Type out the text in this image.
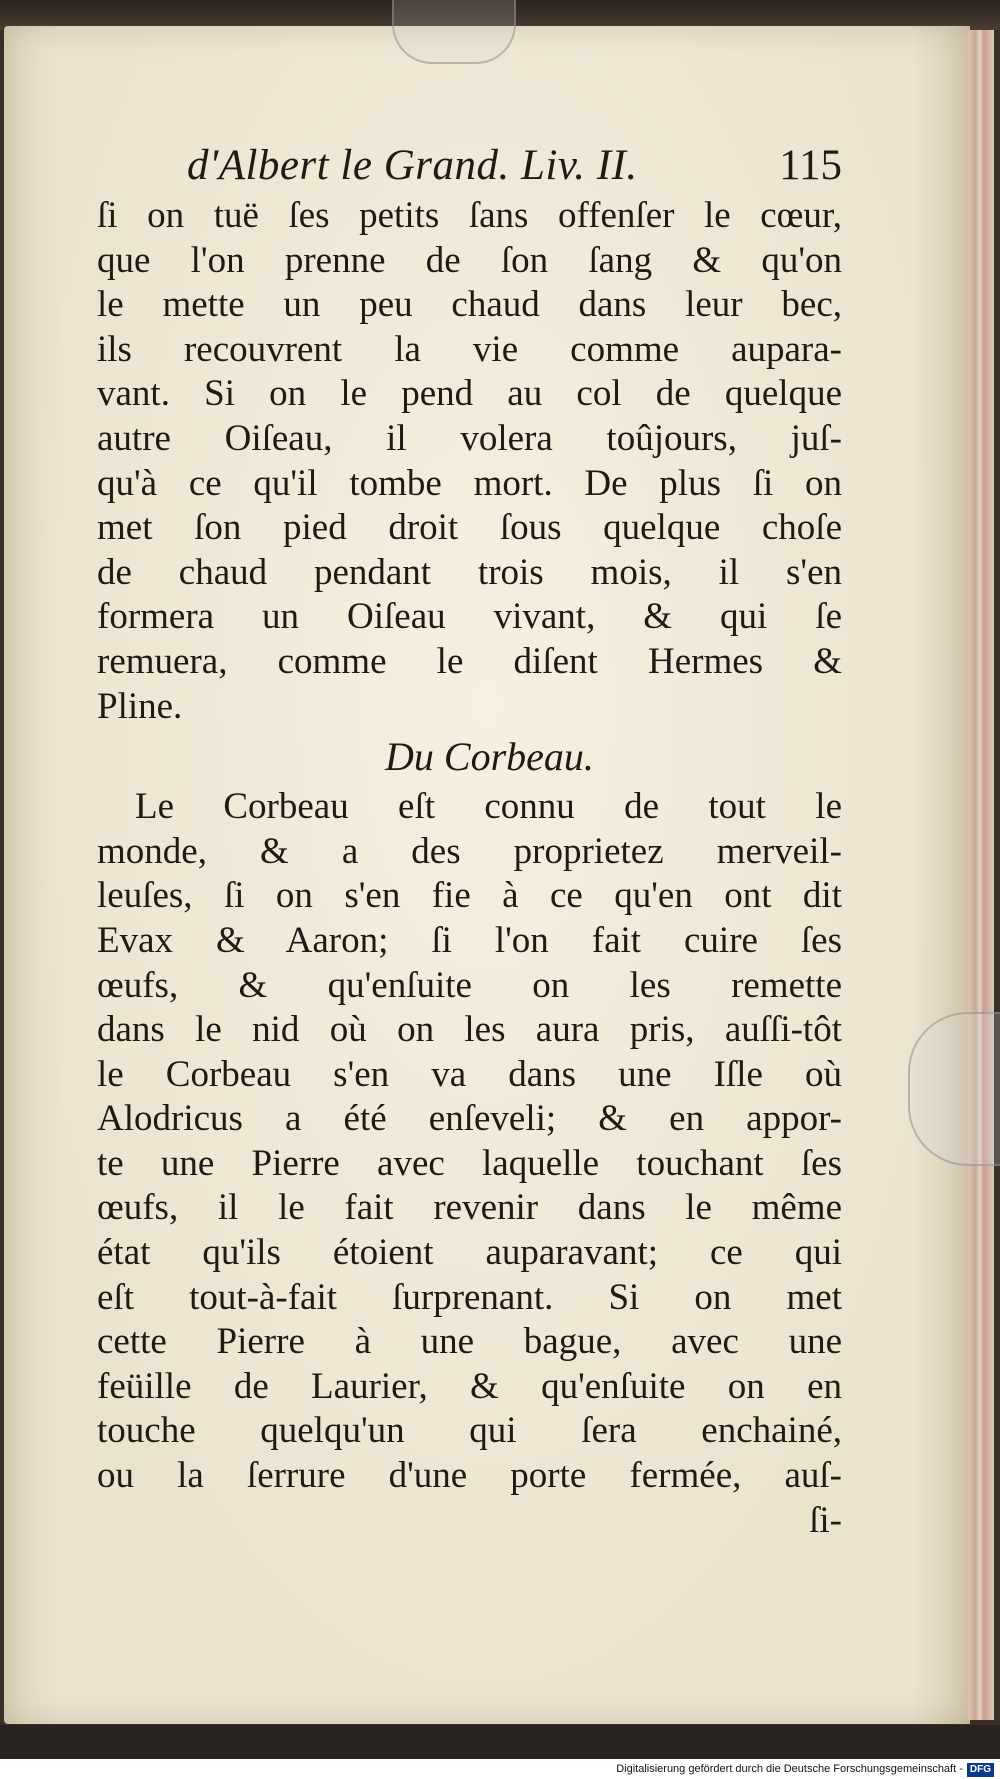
d'Albert le Grand. Liv. II.	115
ſi on tuë ſes petits ſans offenſer le cœur,
que l'on prenne de ſon ſang & qu'on
le mette un peu chaud dans leur bec,
ils recouvrent la vie comme aupara-
vant. Si on le pend au col de quelque
autre Oiſeau, il volera toûjours, juſ-
qu'à ce qu'il tombe mort. De plus ſi on
met ſon pied droit ſous quelque choſe
de chaud pendant trois mois, il s'en
formera un Oiſeau vivant, & qui ſe
remuera, comme le diſent Hermes &
Pline.
Du Corbeau.
Le Corbeau eſt connu de tout le
monde, & a des proprietez merveil-
leuſes, ſi on s'en fie à ce qu'en ont dit
Evax & Aaron; ſi l'on fait cuire ſes
œufs, & qu'enſuite on les remette
dans le nid où on les aura pris, auſſi-tôt
le Corbeau s'en va dans une Iſle où
Alodricus a été enſeveli; & en appor-
te une Pierre avec laquelle touchant ſes
œufs, il le fait revenir dans le même
état qu'ils étoient auparavant; ce qui
eſt tout-à-fait ſurprenant. Si on met
cette Pierre à une bague, avec une
feüille de Laurier, & qu'enſuite on en
touche quelqu'un qui ſera enchainé,
ou la ſerrure d'une porte fermée, auſ-
ſi-
Digitalisierung gefördert durch die Deutsche Forschungsgemeinschaft - DFG
